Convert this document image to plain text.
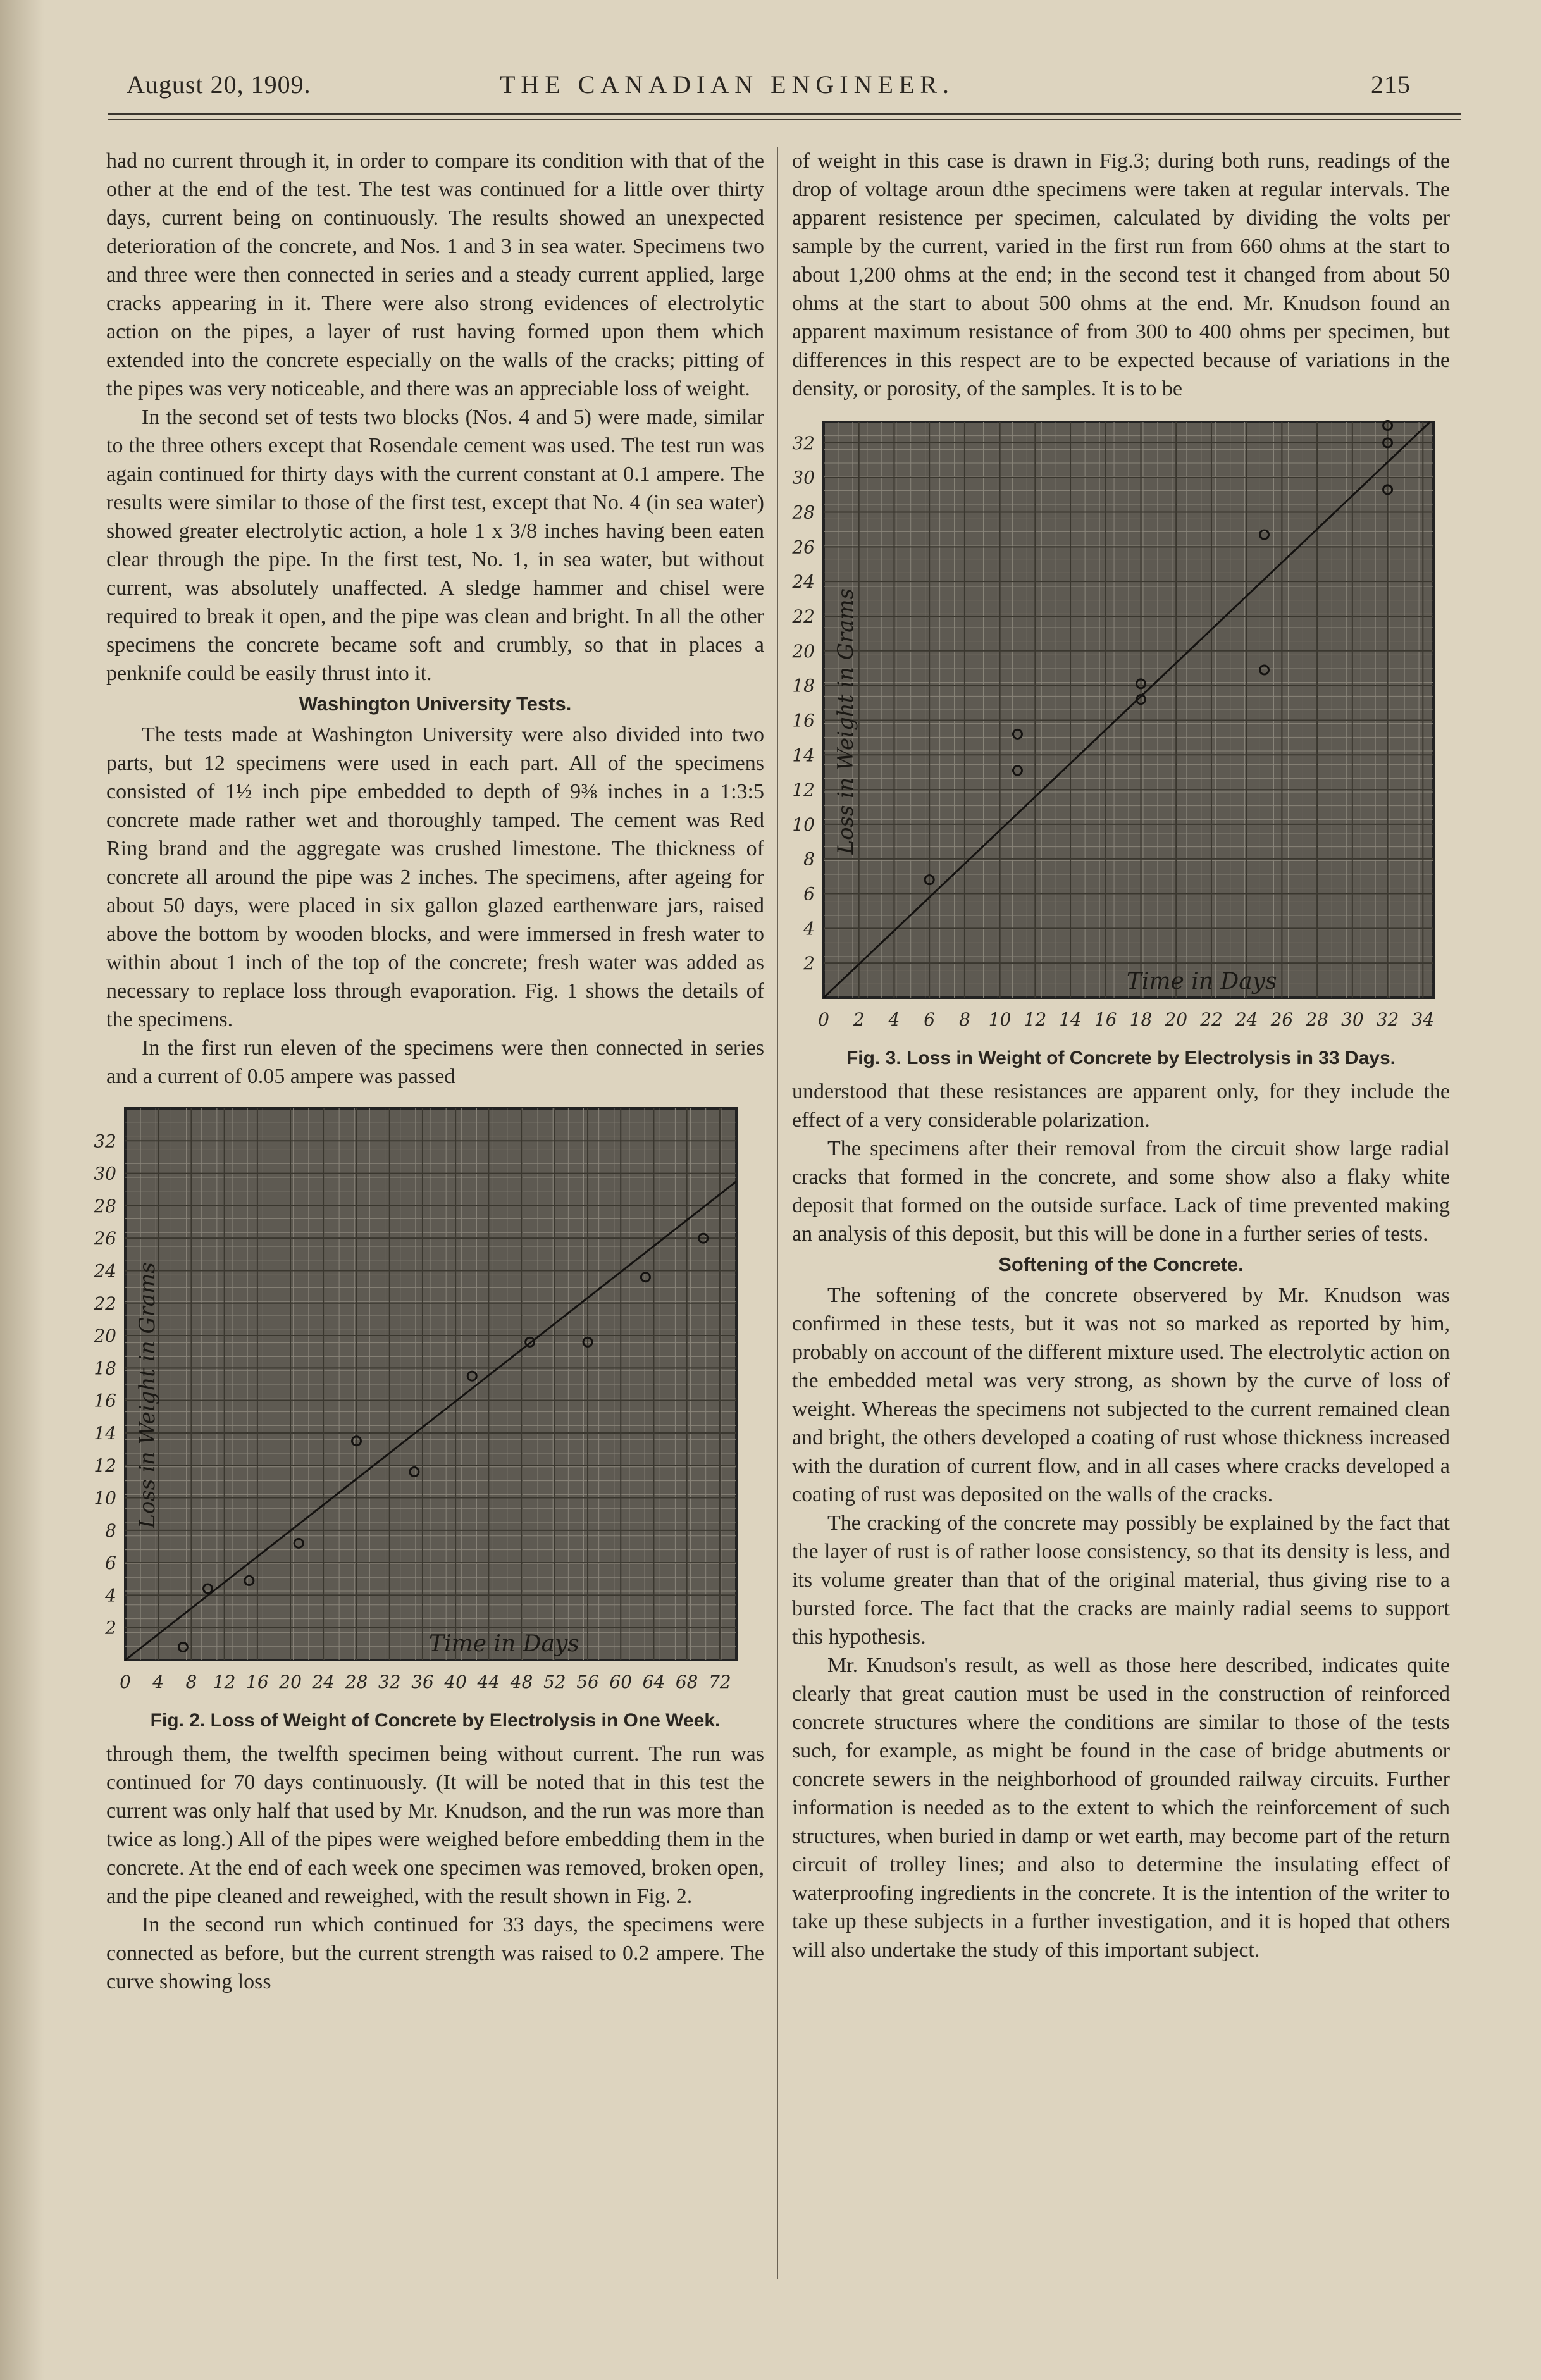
August 20, 1909.	THE CANADIAN ENGINEER.	215

had no current through it, in order to compare its condition with that of the other at the end of the test. The test was continued for a little over thirty days, current being on continuously. The results showed an unexpected deterioration of the concrete, and Nos. 1 and 3 in sea water. Specimens two and three were then connected in series and a steady current applied, large cracks appearing in it. There were also strong evidences of electrolytic action on the pipes, a layer of rust having formed upon them which extended into the concrete especially on the walls of the cracks; pitting of the pipes was very noticeable, and there was an appreciable loss of weight.

In the second set of tests two blocks (Nos. 4 and 5) were made, similar to the three others except that Rosendale cement was used. The test run was again continued for thirty days with the current constant at 0.1 ampere. The results were similar to those of the first test, except that No. 4 (in sea water) showed greater electrolytic action, a hole 1 x 3/8 inches having been eaten clear through the pipe. In the first test, No. 1, in sea water, but without current, was absolutely unaffected. A sledge hammer and chisel were required to break it open, and the pipe was clean and bright. In all the other specimens the concrete became soft and crumbly, so that in places a penknife could be easily thrust into it.

Washington University Tests.

The tests made at Washington University were also divided into two parts, but 12 specimens were used in each part. All of the specimens consisted of 1½ inch pipe embedded to depth of 9⅜ inches in a 1:3:5 concrete made rather wet and thoroughly tamped. The cement was Red Ring brand and the aggregate was crushed limestone. The thickness of concrete all around the pipe was 2 inches. The specimens, after ageing for about 50 days, were placed in six gallon glazed earthenware jars, raised above the bottom by wooden blocks, and were immersed in fresh water to within about 1 inch of the top of the concrete; fresh water was added as necessary to replace loss through evaporation. Fig. 1 shows the details of the specimens.

In the first run eleven of the specimens were then connected in series and a current of 0.05 ampere was passed

0 4 8 12 16 20 24 28 32 36 40 44 48 52 56 60 64 68 72
2
4
6
8
10
12
14
16
18
20
22
24
26
28
30
32
Loss in Weight in Grams
Time in Days
Fig. 2. Loss of Weight of Concrete by Electrolysis in One Week.

through them, the twelfth specimen being without current. The run was continued for 70 days continuously. (It will be noted that in this test the current was only half that used by Mr. Knudson, and the run was more than twice as long.) All of the pipes were weighed before embedding them in the concrete. At the end of each week one specimen was removed, broken open, and the pipe cleaned and reweighed, with the result shown in Fig. 2.

In the second run which continued for 33 days, the specimens were connected as before, but the current strength was raised to 0.2 ampere. The curve showing loss

of weight in this case is drawn in Fig.3; during both runs, readings of the drop of voltage aroun dthe specimens were taken at regular intervals. The apparent resistence per specimen, calculated by dividing the volts per sample by the current, varied in the first run from 660 ohms at the start to about 1,200 ohms at the end; in the second test it changed from about 50 ohms at the start to about 500 ohms at the end. Mr. Knudson found an apparent maximum resistance of from 300 to 400 ohms per specimen, but differences in this respect are to be expected because of variations in the density, or porosity, of the samples. It is to be

0 2 4 6 8 10 12 14 16 18 20 22 24 26 28 30 32 34
2
4
6
8
10
12
14
16
18
20
22
24
26
28
30
32
Loss in Weight in Grams
Time in Days
Fig. 3. Loss in Weight of Concrete by Electrolysis in 33 Days.

understood that these resistances are apparent only, for they include the effect of a very considerable polarization.

The specimens after their removal from the circuit show large radial cracks that formed in the concrete, and some show also a flaky white deposit that formed on the outside surface. Lack of time prevented making an analysis of this deposit, but this will be done in a further series of tests.

Softening of the Concrete.

The softening of the concrete observered by Mr. Knudson was confirmed in these tests, but it was not so marked as reported by him, probably on account of the different mixture used. The electrolytic action on the embedded metal was very strong, as shown by the curve of loss of weight. Whereas the specimens not subjected to the current remained clean and bright, the others developed a coating of rust whose thickness increased with the duration of current flow, and in all cases where cracks developed a coating of rust was deposited on the walls of the cracks.

The cracking of the concrete may possibly be explained by the fact that the layer of rust is of rather loose consistency, so that its density is less, and its volume greater than that of the original material, thus giving rise to a bursted force. The fact that the cracks are mainly radial seems to support this hypothesis.

Mr. Knudson's result, as well as those here described, indicates quite clearly that great caution must be used in the construction of reinforced concrete structures where the conditions are similar to those of the tests such, for example, as might be found in the case of bridge abutments or concrete sewers in the neighborhood of grounded railway circuits. Further information is needed as to the extent to which the reinforcement of such structures, when buried in damp or wet earth, may become part of the return circuit of trolley lines; and also to determine the insulating effect of waterproofing ingredients in the concrete. It is the intention of the writer to take up these subjects in a further investigation, and it is hoped that others will also undertake the study of this important subject.
